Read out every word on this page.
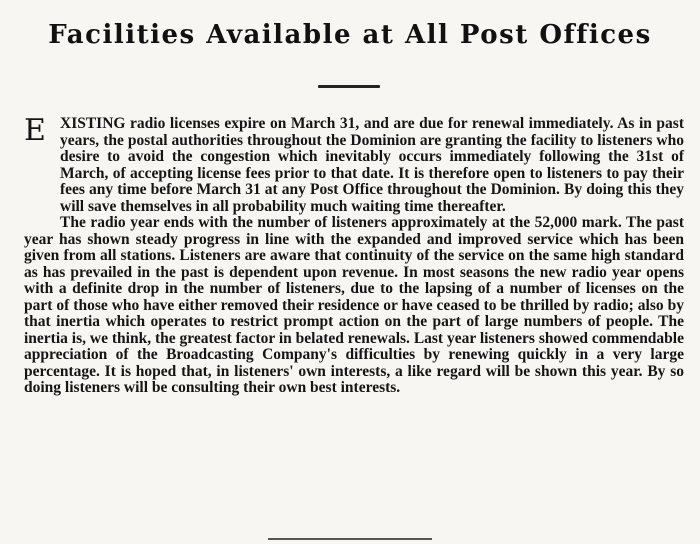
Facilities Available at All Post Offices

EXISTING radio licenses expire on March 31, and are due for renewal immediately. As in past years, the postal authorities throughout the Dominion are granting the facility to listeners who desire to avoid the congestion which inevitably occurs immediately following the 31st of March, of accepting license fees prior to that date. It is therefore open to listeners to pay their fees any time before March 31 at any Post Office throughout the Dominion. By doing this they will save themselves in all probability much waiting time thereafter.

The radio year ends with the number of listeners approximately at the 52,000 mark. The past year has shown steady progress in line with the expanded and improved service which has been given from all stations. Listeners are aware that continuity of the service on the same high standard as has prevailed in the past is dependent upon revenue. In most seasons the new radio year opens with a definite drop in the number of listeners, due to the lapsing of a number of licenses on the part of those who have either removed their residence or have ceased to be thrilled by radio; also by that inertia which operates to restrict prompt action on the part of large numbers of people. The inertia is, we think, the greatest factor in belated renewals. Last year listeners showed commendable appreciation of the Broadcasting Company's difficulties by renewing quickly in a very large percentage. It is hoped that, in listeners' own interests, a like regard will be shown this year. By so doing listeners will be consulting their own best interests.
